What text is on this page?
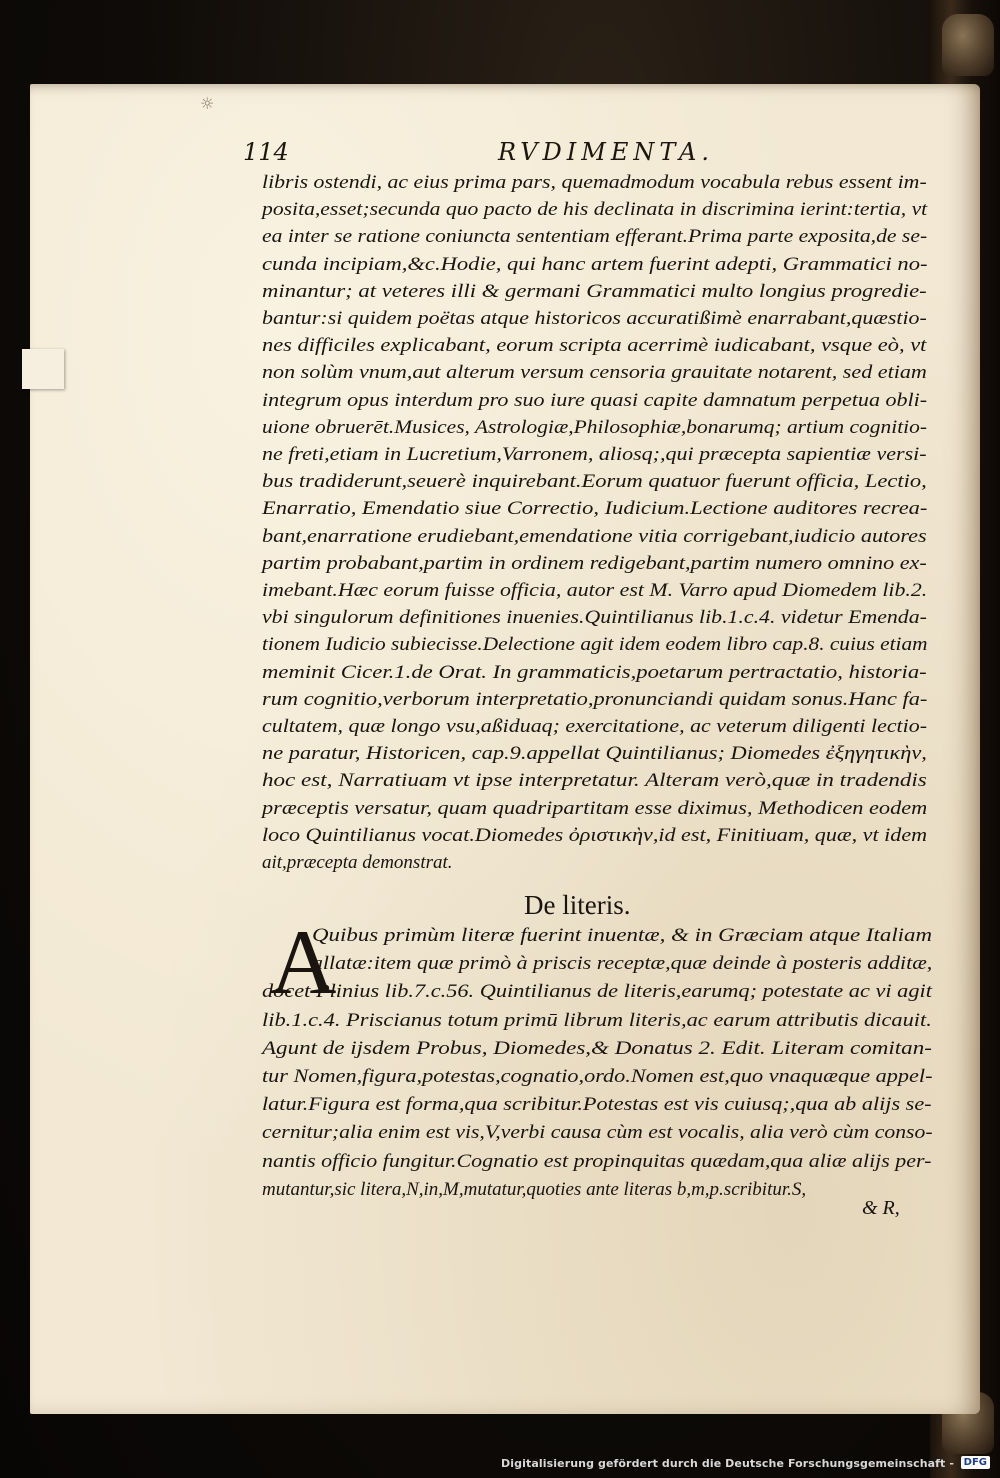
☼
114	RVDIMENTA.
libris ostendi, ac eius prima pars, quemadmodum vocabula rebus essent im-
posita,esset;secunda quo pacto de his declinata in discrimina ierint:tertia, vt
ea inter se ratione coniuncta sententiam efferant.Prima parte exposita,de se-
cunda incipiam,&c.Hodie, qui hanc artem fuerint adepti, Grammatici no-
minantur; at veteres illi & germani Grammatici multo longius progredie-
bantur:si quidem poëtas atque historicos accuratißimè enarrabant,quæstio-
nes difficiles explicabant, eorum scripta acerrimè iudicabant, vsque eò, vt
non solùm vnum,aut alterum versum censoria grauitate notarent, sed etiam
integrum opus interdum pro suo iure quasi capite damnatum perpetua obli-
uione obruerēt.Musices, Astrologiæ,Philosophiæ,bonarumq; artium cognitio-
ne freti,etiam in Lucretium,Varronem, aliosq;,qui præcepta sapientiæ versi-
bus tradiderunt,seuerè inquirebant.Eorum quatuor fuerunt officia, Lectio,
Enarratio, Emendatio siue Correctio, Iudicium.Lectione auditores recrea-
bant,enarratione erudiebant,emendatione vitia corrigebant,iudicio autores
partim probabant,partim in ordinem redigebant,partim numero omnino ex-
imebant.Hæc eorum fuisse officia, autor est M. Varro apud Diomedem lib.2.
vbi singulorum definitiones inuenies.Quintilianus lib.1.c.4. videtur Emenda-
tionem Iudicio subiecisse.Delectione agit idem eodem libro cap.8. cuius etiam
meminit Cicer.1.de Orat. In grammaticis,poetarum pertractatio, historia-
rum cognitio,verborum interpretatio,pronunciandi quidam sonus.Hanc fa-
cultatem, quæ longo vsu,aßiduaq; exercitatione, ac veterum diligenti lectio-
ne paratur, Historicen, cap.9.appellat Quintilianus; Diomedes ἐξηγητικὴν,
hoc est, Narratiuam vt ipse interpretatur. Alteram verò,quæ in tradendis
præceptis versatur, quam quadripartitam esse diximus, Methodicen eodem
loco Quintilianus vocat.Diomedes ὀριστικὴν,id est, Finitiuam, quæ, vt idem
ait,præcepta demonstrat.
De literis.
A
Quibus primùm literæ fuerint inuentæ, & in Græciam atque Italiam
allatæ:item quæ primò à priscis receptæ,quæ deinde à posteris additæ,
docet Plinius lib.7.c.56. Quintilianus de literis,earumq; potestate ac vi agit
lib.1.c.4. Priscianus totum primū librum literis,ac earum attributis dicauit.
Agunt de ijsdem Probus, Diomedes,& Donatus 2. Edit. Literam comitan-
tur Nomen,figura,potestas,cognatio,ordo.Nomen est,quo vnaquæque appel-
latur.Figura est forma,qua scribitur.Potestas est vis cuiusq;,qua ab alijs se-
cernitur;alia enim est vis,V,verbi causa cùm est vocalis, alia verò cùm conso-
nantis officio fungitur.Cognatio est propinquitas quædam,qua aliæ alijs per-
mutantur,sic litera,N,in,M,mutatur,quoties ante literas b,m,p.scribitur.S,
& R,
Digitalisierung gefördert durch die Deutsche Forschungsgemeinschaft - DFG
